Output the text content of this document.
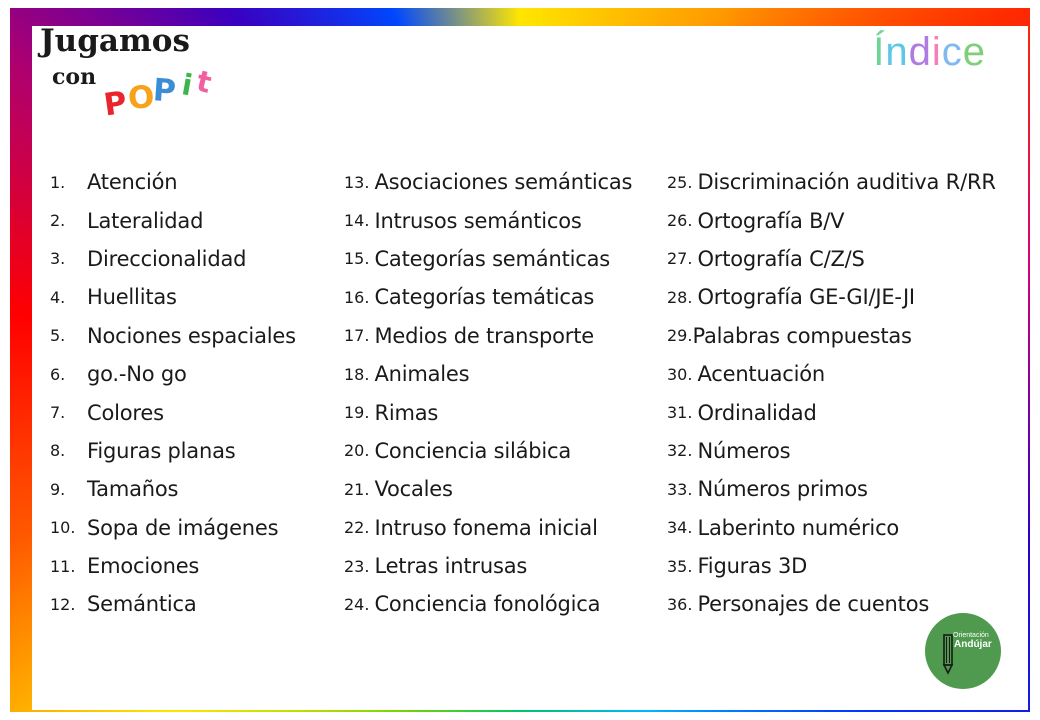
Jugamos
con
P
O
P i
t
Índice
1.	Atención
2.	Lateralidad
3.	Direccionalidad
4.	Huellitas
5.	Nociones espaciales
6.	go.-No go
7.	Colores
8.	Figuras planas
9.	Tamaños
10. Sopa de imágenes
11. Emociones
12. Semántica
13. Asociaciones semánticas
14. Intrusos semánticos
15. Categorías semánticas
16. Categorías temáticas
17. Medios de transporte
18. Animales
19. Rimas
20. Conciencia silábica
21. Vocales
22. Intruso fonema inicial
23. Letras intrusas
24. Conciencia fonológica
25. Discriminación auditiva R/RR
26. Ortografía B/V
27. Ortografía C/Z/S
28. Ortografía GE-GI/JE-JI
29. Palabras compuestas
30. Acentuación
31. Ordinalidad
32. Números
33. Números primos
34. Laberinto numérico
35. Figuras 3D
36. Personajes de cuentos
Orientación
Andújar
